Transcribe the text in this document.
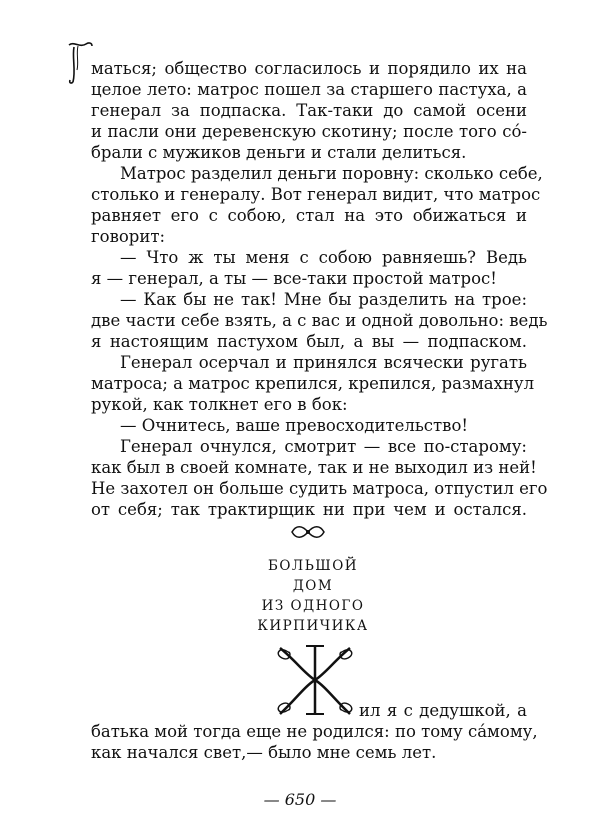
маться; общество согласилось и порядило их на
целое лето: матрос пошел за старшего пастуха, а
генерал за подпаска. Так-таки до самой осени
и пасли они деревенскую скотину; после того со́-
брали с мужиков деньги и стали делиться.
Матрос разделил деньги поровну: сколько себе,
столько и генералу. Вот генерал видит, что матрос
равняет его с собою, стал на это обижаться и
говорит:
— Что ж ты меня с собою равняешь? Ведь
я — генерал, а ты — все-таки простой матрос!
— Как бы не так! Мне бы разделить на трое:
две части себе взять, а с вас и одной довольно: ведь
я настоящим пастухом был, а вы — подпаском.
Генерал осерчал и принялся всячески ругать
матроса; а матрос крепился, крепился, размахнул
рукой, как толкнет его в бок:
— Очнитесь, ваше превосходительство!
Генерал очнулся, смотрит — все по-старому:
как был в своей комнате, так и не выходил из ней!
Не захотел он больше судить матроса, отпустил его
от себя; так трактирщик ни при чем и остался.
БОЛЬШОЙ
ДОМ
ИЗ ОДНОГО
КИРПИЧИКА
ил я с дедушкой, а
батька мой тогда еще не родился: по тому са́мому,
как начался свет,— было мне семь лет.
— 650 —
